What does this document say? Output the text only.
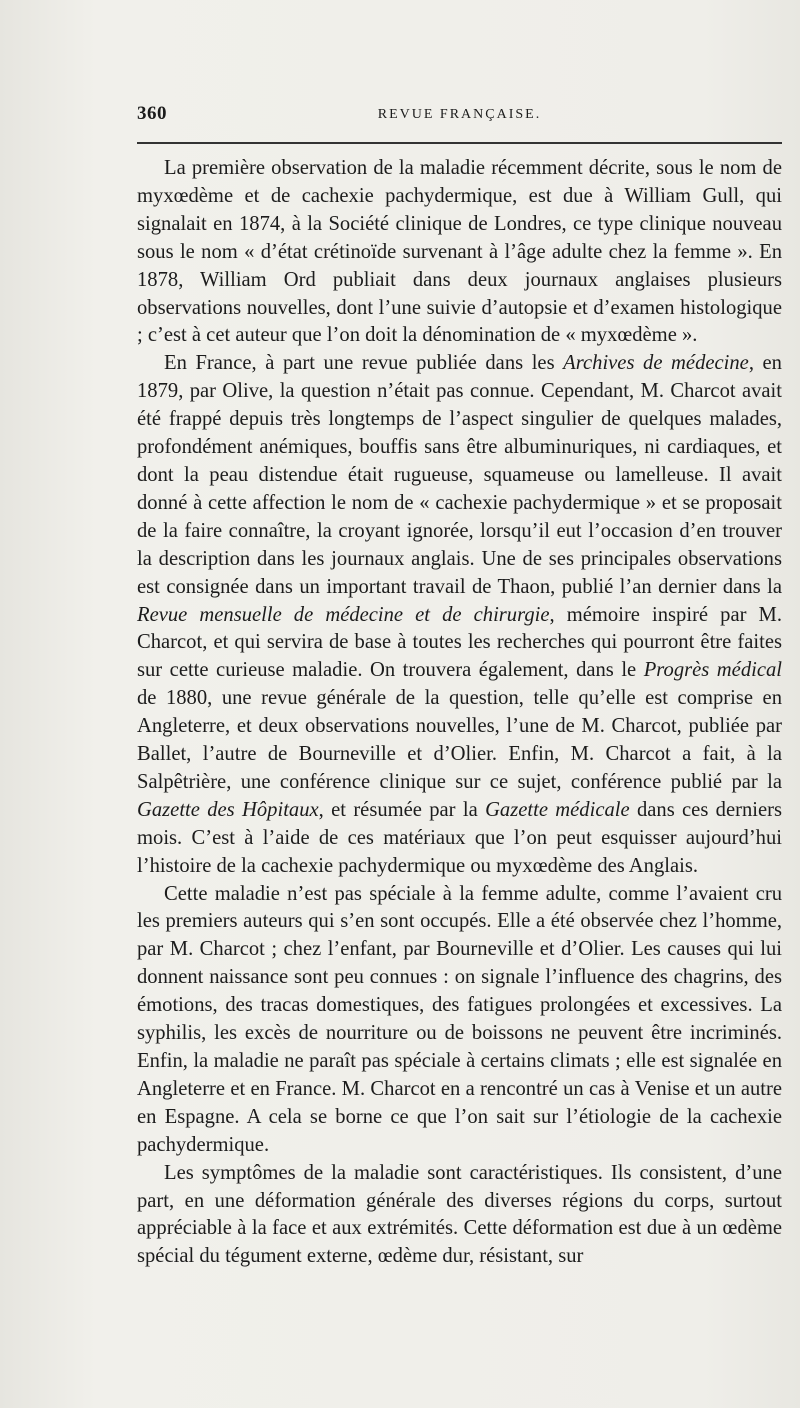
360	REVUE FRANÇAISE.

La première observation de la maladie récemment décrite, sous le nom de myxœdème et de cachexie pachydermique, est due à William Gull, qui signalait en 1874, à la Société clinique de Londres, ce type clinique nouveau sous le nom « d’état crétinoïde survenant à l’âge adulte chez la femme ». En 1878, William Ord publiait dans deux journaux anglaises plusieurs observations nouvelles, dont l’une suivie d’autopsie et d’examen histologique ; c’est à cet auteur que l’on doit la dénomination de « myxœdème ».

En France, à part une revue publiée dans les Archives de médecine, en 1879, par Olive, la question n’était pas connue. Cependant, M. Charcot avait été frappé depuis très longtemps de l’aspect singulier de quelques malades, profondément anémiques, bouffis sans être albuminuriques, ni cardiaques, et dont la peau distendue était rugueuse, squameuse ou lamelleuse. Il avait donné à cette affection le nom de « cachexie pachydermique » et se proposait de la faire connaître, la croyant ignorée, lorsqu’il eut l’occasion d’en trouver la description dans les journaux anglais. Une de ses principales observations est consignée dans un important travail de Thaon, publié l’an dernier dans la Revue mensuelle de médecine et de chirurgie, mémoire inspiré par M. Charcot, et qui servira de base à toutes les recherches qui pourront être faites sur cette curieuse maladie. On trouvera également, dans le Progrès médical de 1880, une revue générale de la question, telle qu’elle est comprise en Angleterre, et deux observations nouvelles, l’une de M. Charcot, publiée par Ballet, l’autre de Bourneville et d’Olier. Enfin, M. Charcot a fait, à la Salpêtrière, une conférence clinique sur ce sujet, conférence publié par la Gazette des Hôpitaux, et résumée par la Gazette médicale dans ces derniers mois. C’est à l’aide de ces matériaux que l’on peut esquisser aujourd’hui l’histoire de la cachexie pachydermique ou myxœdème des Anglais.

Cette maladie n’est pas spéciale à la femme adulte, comme l’avaient cru les premiers auteurs qui s’en sont occupés. Elle a été observée chez l’homme, par M. Charcot ; chez l’enfant, par Bourneville et d’Olier. Les causes qui lui donnent naissance sont peu connues : on signale l’influence des chagrins, des émotions, des tracas domestiques, des fatigues prolongées et excessives. La syphilis, les excès de nourriture ou de boissons ne peuvent être incriminés. Enfin, la maladie ne paraît pas spéciale à certains climats ; elle est signalée en Angleterre et en France. M. Charcot en a rencontré un cas à Venise et un autre en Espagne. A cela se borne ce que l’on sait sur l’étiologie de la cachexie pachydermique.

Les symptômes de la maladie sont caractéristiques. Ils consistent, d’une part, en une déformation générale des diverses régions du corps, surtout appréciable à la face et aux extrémités. Cette déformation est due à un œdème spécial du tégument externe, œdème dur, résistant, sur
